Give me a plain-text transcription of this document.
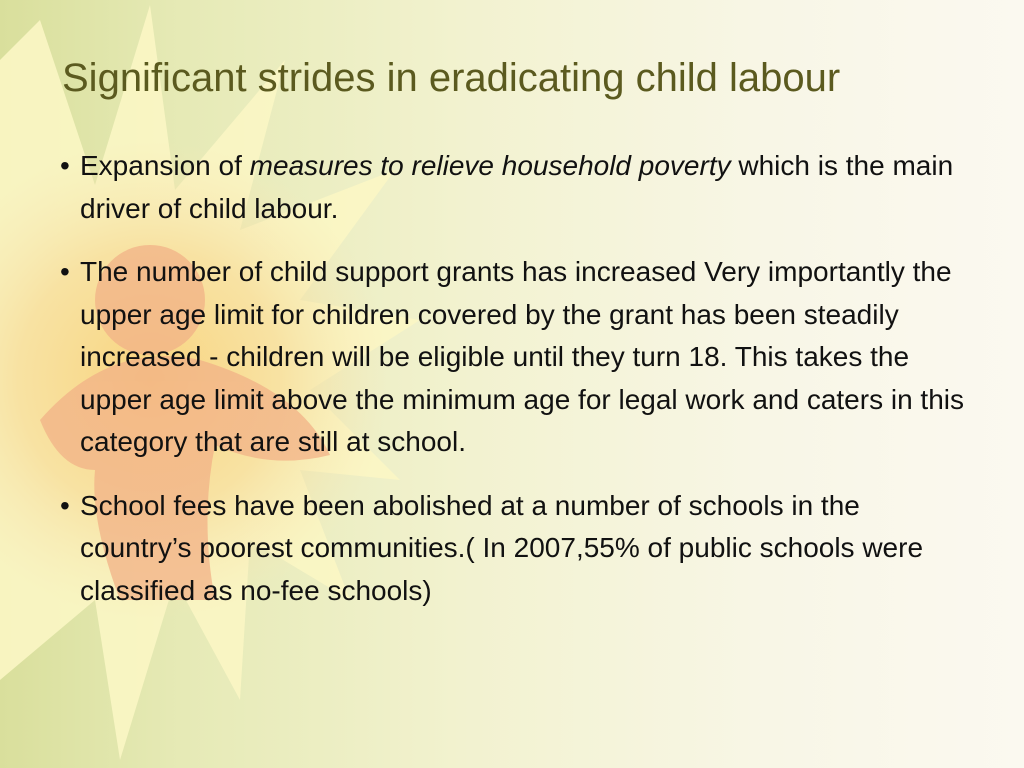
Significant strides in eradicating child labour
• Expansion of measures to relieve household poverty which is the main driver of child labour.
• The number of child support grants has increased Very importantly the upper age limit for children covered by the grant has been steadily increased - children will be eligible until they turn 18. This takes the upper age limit above the minimum age for legal work and caters in this category that are still at school.
• School fees have been abolished at a number of schools in the country’s poorest communities.( In 2007,55% of public schools were classified as no-fee schools)
